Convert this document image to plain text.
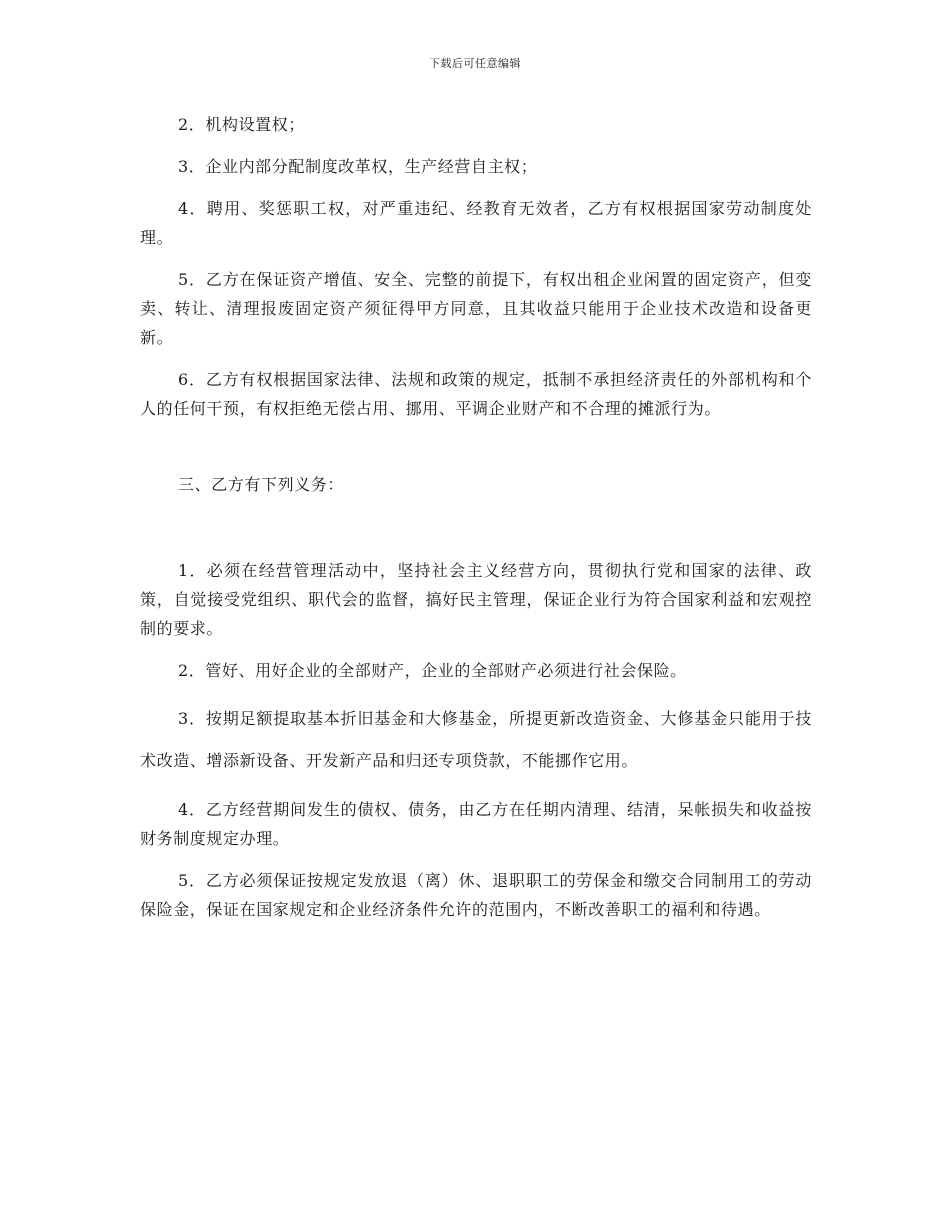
下载后可任意编辑

2．机构设置权；

3．企业内部分配制度改革权，生产经营自主权；

4．聘用、奖惩职工权，对严重违纪、经教育无效者，乙方有权根据国家劳动制度处理。

5．乙方在保证资产增值、安全、完整的前提下，有权出租企业闲置的固定资产，但变卖、转让、清理报废固定资产须征得甲方同意，且其收益只能用于企业技术改造和设备更新。

6．乙方有权根据国家法律、法规和政策的规定，抵制不承担经济责任的外部机构和个人的任何干预，有权拒绝无偿占用、挪用、平调企业财产和不合理的摊派行为。

三、乙方有下列义务：

1．必须在经营管理活动中，坚持社会主义经营方向，贯彻执行党和国家的法律、政策，自觉接受党组织、职代会的监督，搞好民主管理，保证企业行为符合国家利益和宏观控制的要求。

2．管好、用好企业的全部财产，企业的全部财产必须进行社会保险。

3．按期足额提取基本折旧基金和大修基金，所提更新改造资金、大修基金只能用于技术改造、增添新设备、开发新产品和归还专项贷款，不能挪作它用。

4．乙方经营期间发生的债权、债务，由乙方在任期内清理、结清，呆帐损失和收益按财务制度规定办理。

5．乙方必须保证按规定发放退（离）休、退职职工的劳保金和缴交合同制用工的劳动保险金，保证在国家规定和企业经济条件允许的范围内，不断改善职工的福利和待遇。
